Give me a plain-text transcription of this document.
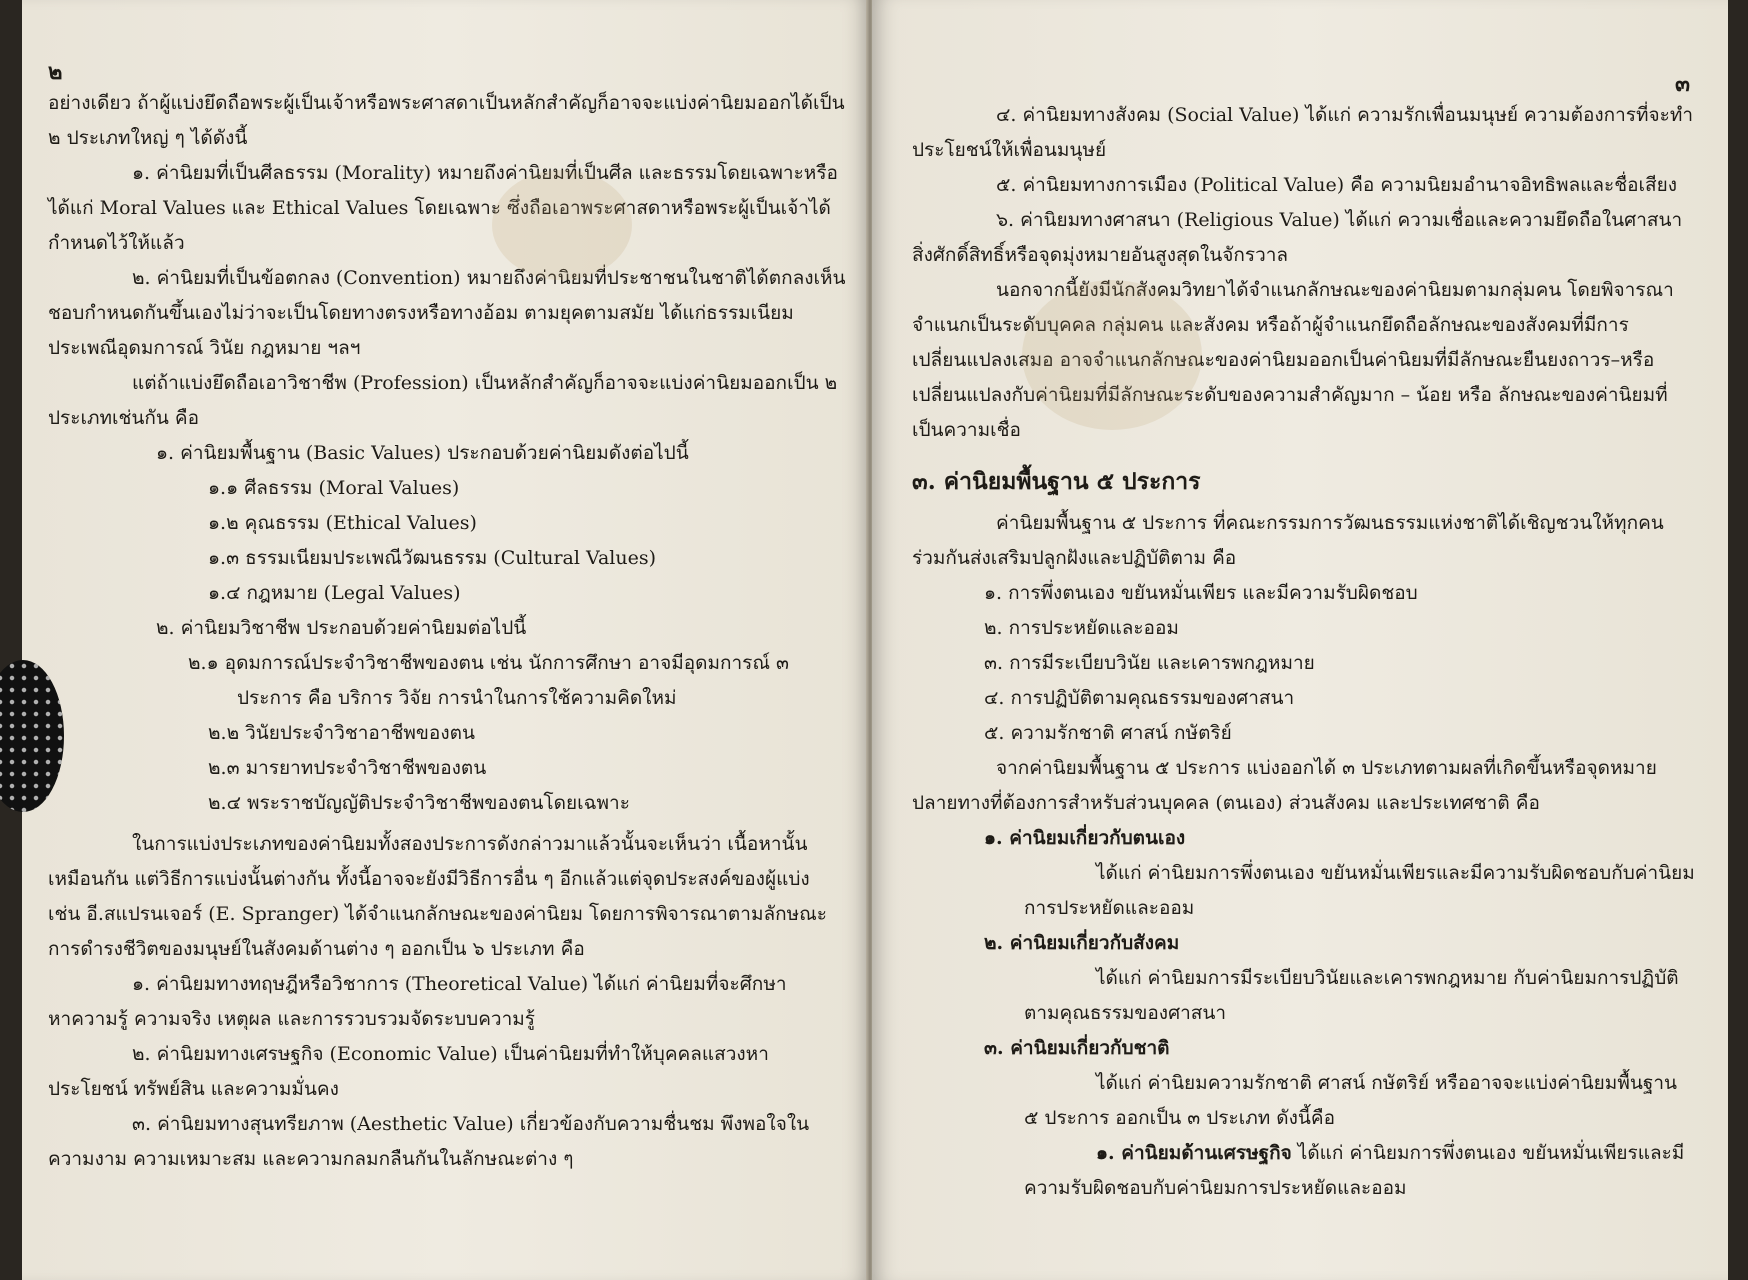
๒

อย่างเดียว ถ้าผู้แบ่งยึดถือพระผู้เป็นเจ้าหรือพระศาสดาเป็นหลักสำคัญก็อาจจะแบ่งค่านิยมออกได้เป็น ๒ ประเภทใหญ่ ๆ ได้ดังนี้

๑. ค่านิยมที่เป็นศีลธรรม (Morality) หมายถึงค่านิยมที่เป็นศีล และธรรมโดยเฉพาะหรือได้แก่ Moral Values และ Ethical Values โดยเฉพาะ ซึ่งถือเอาพระศาสดาหรือพระผู้เป็นเจ้าได้กำหนดไว้ให้แล้ว

๒. ค่านิยมที่เป็นข้อตกลง (Convention) หมายถึงค่านิยมที่ประชาชนในชาติได้ตกลงเห็นชอบกำหนดกันขึ้นเองไม่ว่าจะเป็นโดยทางตรงหรือทางอ้อม ตามยุคตามสมัย ได้แก่ธรรมเนียมประเพณีอุดมการณ์ วินัย กฎหมาย ฯลฯ

แต่ถ้าแบ่งยึดถือเอาวิชาชีพ (Profession) เป็นหลักสำคัญก็อาจจะแบ่งค่านิยมออกเป็น ๒ ประเภทเช่นกัน คือ

๑. ค่านิยมพื้นฐาน (Basic Values) ประกอบด้วยค่านิยมดังต่อไปนี้

๑.๑ ศีลธรรม (Moral Values)

๑.๒ คุณธรรม (Ethical Values)

๑.๓ ธรรมเนียมประเพณีวัฒนธรรม (Cultural Values)

๑.๔ กฎหมาย (Legal Values)

๒. ค่านิยมวิชาชีพ ประกอบด้วยค่านิยมต่อไปนี้

๒.๑ อุดมการณ์ประจำวิชาชีพของตน เช่น นักการศึกษา อาจมีอุดมการณ์ ๓ ประการ คือ บริการ วิจัย การนำในการใช้ความคิดใหม่

๒.๒ วินัยประจำวิชาอาชีพของตน

๒.๓ มารยาทประจำวิชาชีพของตน

๒.๔ พระราชบัญญัติประจำวิชาชีพของตนโดยเฉพาะ

ในการแบ่งประเภทของค่านิยมทั้งสองประการดังกล่าวมาแล้วนั้นจะเห็นว่า เนื้อหานั้นเหมือนกัน แต่วิธีการแบ่งนั้นต่างกัน ทั้งนี้อาจจะยังมีวิธีการอื่น ๆ อีกแล้วแต่จุดประสงค์ของผู้แบ่ง เช่น อี.สแปรนเจอร์ (E. Spranger) ได้จำแนกลักษณะของค่านิยม โดยการพิจารณาตามลักษณะการดำรงชีวิตของมนุษย์ในสังคมด้านต่าง ๆ ออกเป็น ๖ ประเภท คือ

๑. ค่านิยมทางทฤษฎีหรือวิชาการ (Theoretical Value) ได้แก่ ค่านิยมที่จะศึกษาหาความรู้ ความจริง เหตุผล และการรวบรวมจัดระบบความรู้

๒. ค่านิยมทางเศรษฐกิจ (Economic Value) เป็นค่านิยมที่ทำให้บุคคลแสวงหาประโยชน์ ทรัพย์สิน และความมั่นคง

๓. ค่านิยมทางสุนทรียภาพ (Aesthetic Value) เกี่ยวข้องกับความชื่นชม พึงพอใจในความงาม ความเหมาะสม และความกลมกลืนกันในลักษณะต่าง ๆ

๓

๔. ค่านิยมทางสังคม (Social Value) ได้แก่ ความรักเพื่อนมนุษย์ ความต้องการที่จะทำประโยชน์ให้เพื่อนมนุษย์

๕. ค่านิยมทางการเมือง (Political Value) คือ ความนิยมอำนาจอิทธิพลและชื่อเสียง

๖. ค่านิยมทางศาสนา (Religious Value) ได้แก่ ความเชื่อและความยึดถือในศาสนา สิ่งศักดิ์สิทธิ์หรือจุดมุ่งหมายอันสูงสุดในจักรวาล

นอกจากนี้ยังมีนักสังคมวิทยาได้จำแนกลักษณะของค่านิยมตามกลุ่มคน โดยพิจารณาจำแนกเป็นระดับบุคคล กลุ่มคน และสังคม หรือถ้าผู้จำแนกยึดถือลักษณะของสังคมที่มีการเปลี่ยนแปลงเสมอ อาจจำแนกลักษณะของค่านิยมออกเป็นค่านิยมที่มีลักษณะยืนยงถาวร–หรือเปลี่ยนแปลงกับค่านิยมที่มีลักษณะระดับของความสำคัญมาก – น้อย หรือ ลักษณะของค่านิยมที่เป็นความเชื่อ

๓. ค่านิยมพื้นฐาน ๕ ประการ

ค่านิยมพื้นฐาน ๕ ประการ ที่คณะกรรมการวัฒนธรรมแห่งชาติได้เชิญชวนให้ทุกคนร่วมกันส่งเสริมปลูกฝังและปฏิบัติตาม คือ

๑. การพึ่งตนเอง ขยันหมั่นเพียร และมีความรับผิดชอบ

๒. การประหยัดและออม

๓. การมีระเบียบวินัย และเคารพกฎหมาย

๔. การปฏิบัติตามคุณธรรมของศาสนา

๕. ความรักชาติ ศาสน์ กษัตริย์

จากค่านิยมพื้นฐาน ๕ ประการ แบ่งออกได้ ๓ ประเภทตามผลที่เกิดขึ้นหรือจุดหมายปลายทางที่ต้องการสำหรับส่วนบุคคล (ตนเอง) ส่วนสังคม และประเทศชาติ คือ

๑. ค่านิยมเกี่ยวกับตนเอง

ได้แก่ ค่านิยมการพึ่งตนเอง ขยันหมั่นเพียรและมีความรับผิดชอบกับค่านิยมการประหยัดและออม

๒. ค่านิยมเกี่ยวกับสังคม

ได้แก่ ค่านิยมการมีระเบียบวินัยและเคารพกฎหมาย กับค่านิยมการปฏิบัติตามคุณธรรมของศาสนา

๓. ค่านิยมเกี่ยวกับชาติ

ได้แก่ ค่านิยมความรักชาติ ศาสน์ กษัตริย์ หรืออาจจะแบ่งค่านิยมพื้นฐาน ๕ ประการ ออกเป็น ๓ ประเภท ดังนี้คือ

๑. ค่านิยมด้านเศรษฐกิจ ได้แก่ ค่านิยมการพึ่งตนเอง ขยันหมั่นเพียรและมีความรับผิดชอบกับค่านิยมการประหยัดและออม
